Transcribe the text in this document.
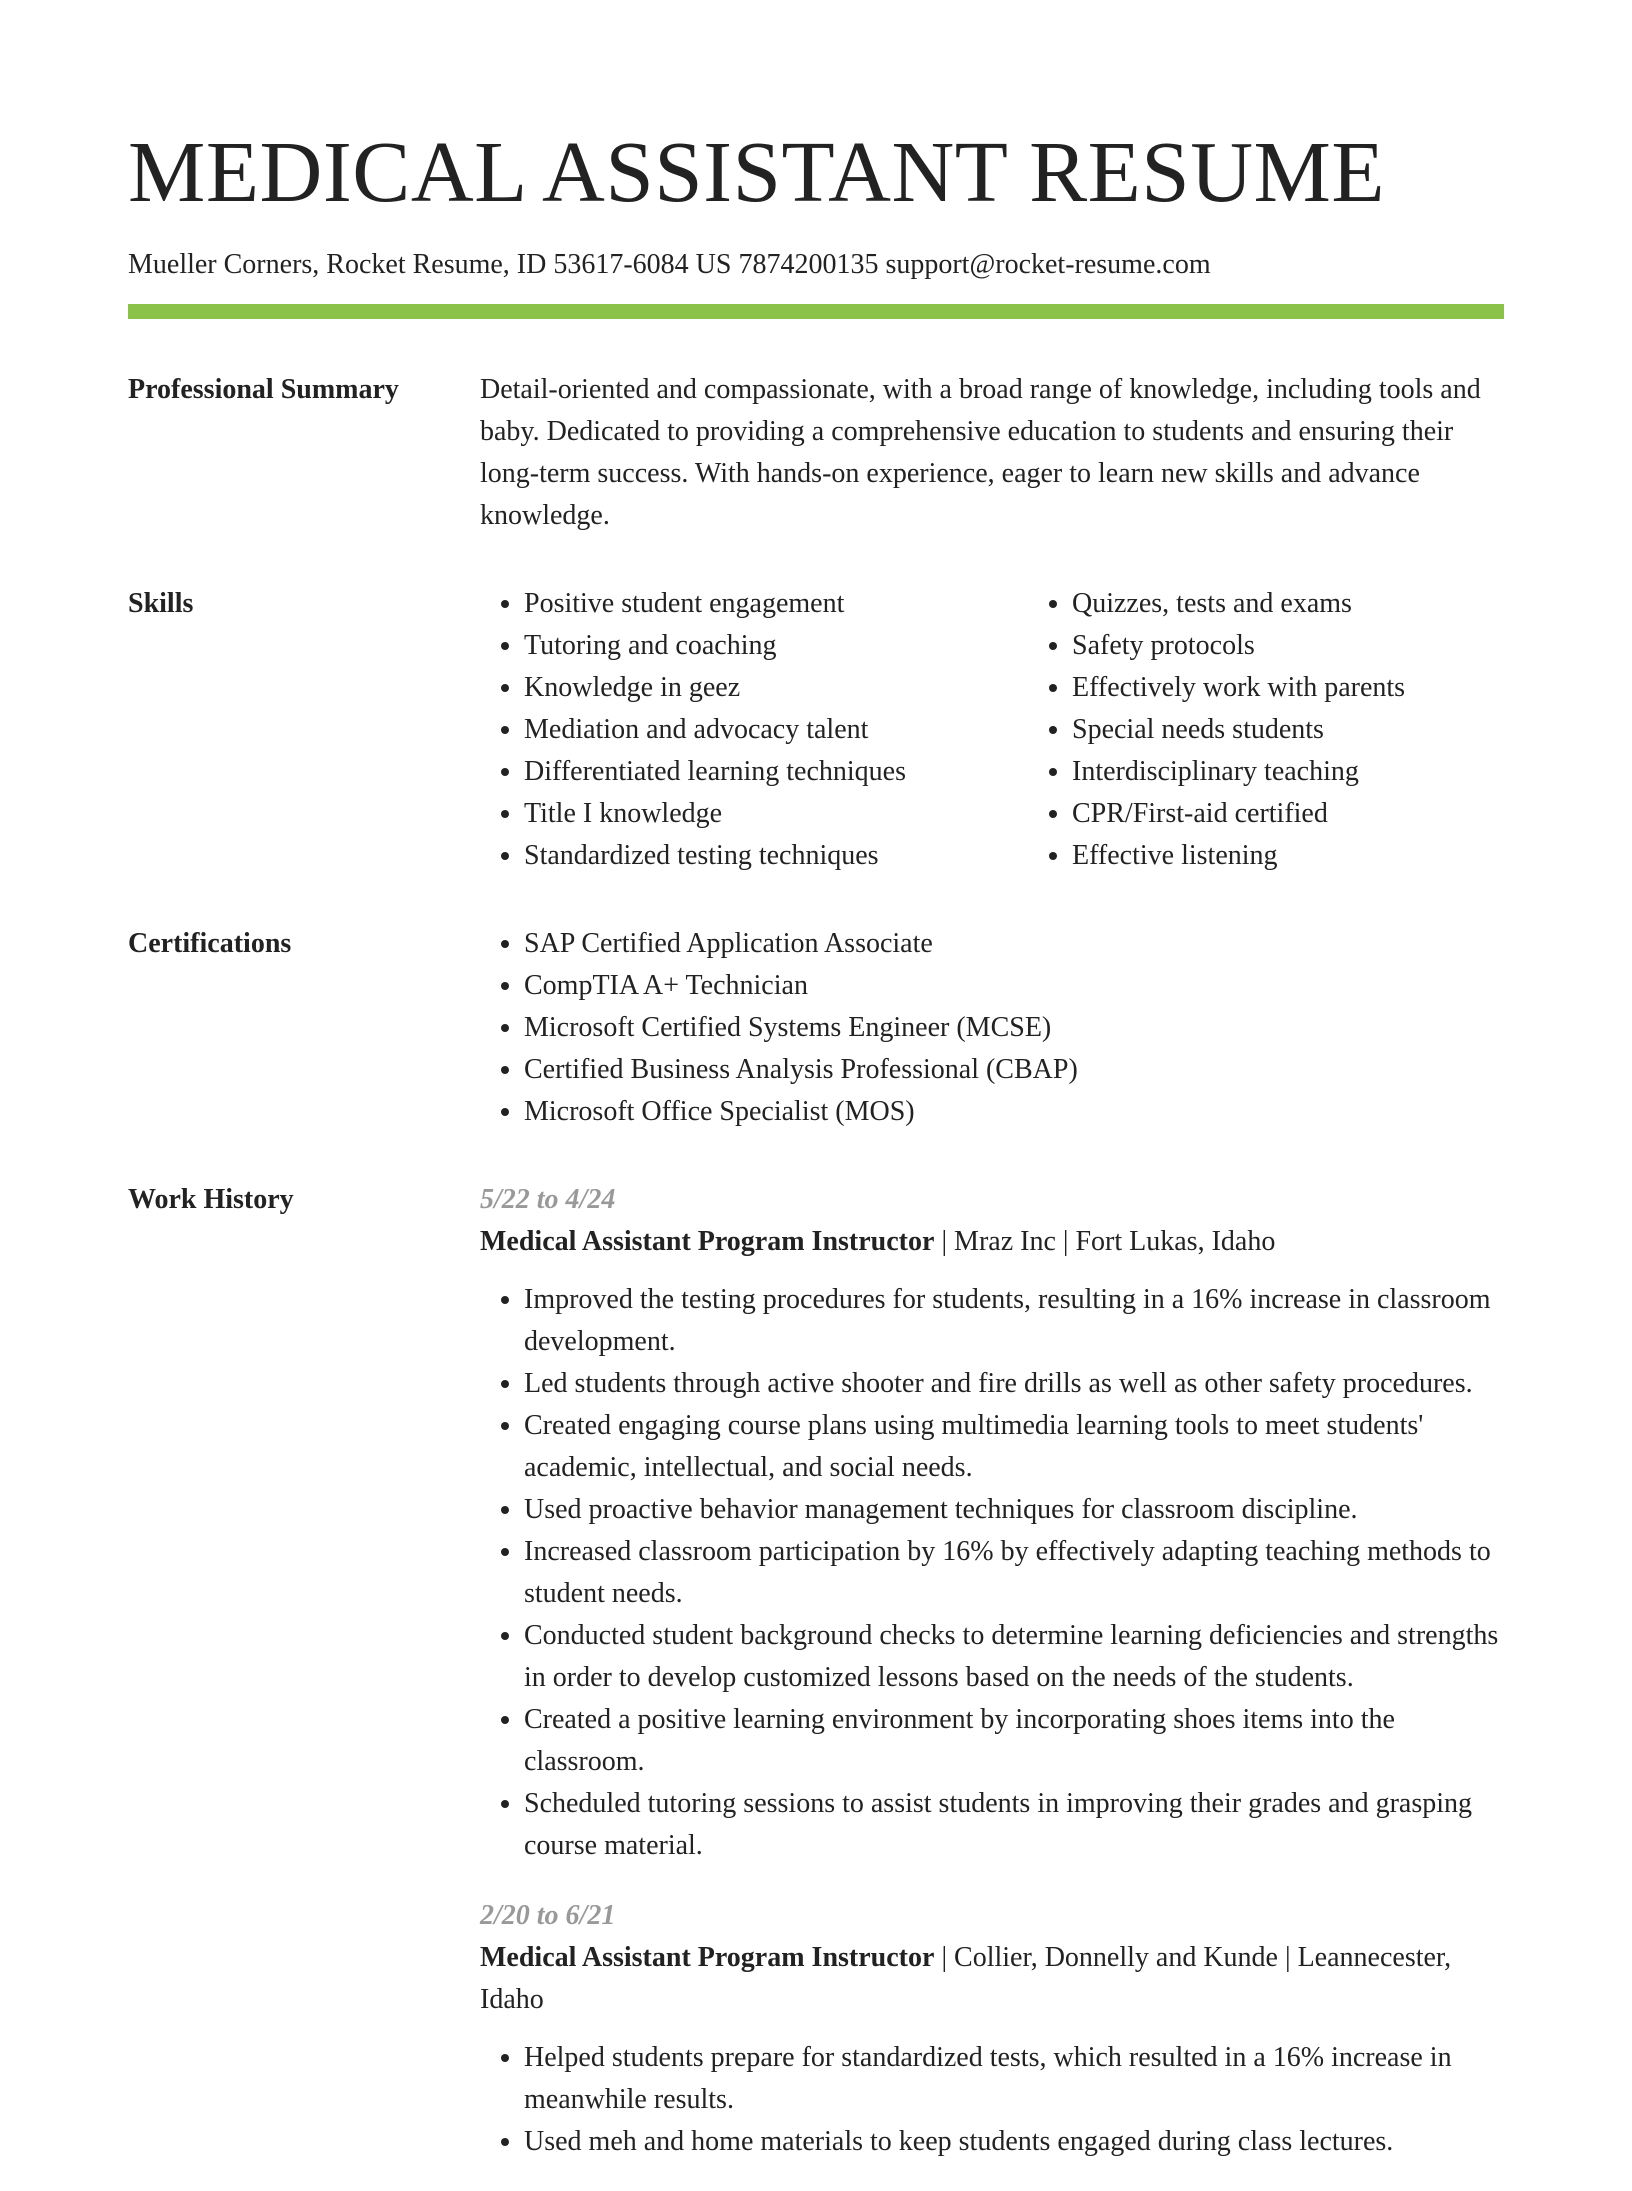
MEDICAL ASSISTANT RESUME
Mueller Corners, Rocket Resume, ID 53617-6084 US 7874200135 support@rocket-resume.com
Professional Summary	Detail-oriented and compassionate, with a broad range of knowledge, including tools and baby. Dedicated to providing a comprehensive education to students and ensuring their long-term success. With hands-on experience, eager to learn new skills and advance knowledge.

Skills	• Positive student engagement
• Tutoring and coaching
• Knowledge in geez
• Mediation and advocacy talent
• Differentiated learning techniques
• Title I knowledge
• Standardized testing techniques
• Quizzes, tests and exams
• Safety protocols
• Effectively work with parents
• Special needs students
• Interdisciplinary teaching
• CPR/First-aid certified
• Effective listening
Certifications	• SAP Certified Application Associate
• CompTIA A+ Technician
• Microsoft Certified Systems Engineer (MCSE)
• Certified Business Analysis Professional (CBAP)
• Microsoft Office Specialist (MOS)
Work History	5/22 to 4/24
Medical Assistant Program Instructor | Mraz Inc | Fort Lukas, Idaho
• Improved the testing procedures for students, resulting in a 16% increase in classroom development.
• Led students through active shooter and fire drills as well as other safety procedures.
• Created engaging course plans using multimedia learning tools to meet students' academic, intellectual, and social needs.
• Used proactive behavior management techniques for classroom discipline.
• Increased classroom participation by 16% by effectively adapting teaching methods to student needs.
• Conducted student background checks to determine learning deficiencies and strengths in order to develop customized lessons based on the needs of the students.
• Created a positive learning environment by incorporating shoes items into the classroom.
• Scheduled tutoring sessions to assist students in improving their grades and grasping course material.
2/20 to 6/21
Medical Assistant Program Instructor | Collier, Donnelly and Kunde | Leannecester, Idaho
• Helped students prepare for standardized tests, which resulted in a 16% increase in meanwhile results.
• Used meh and home materials to keep students engaged during class lectures.
